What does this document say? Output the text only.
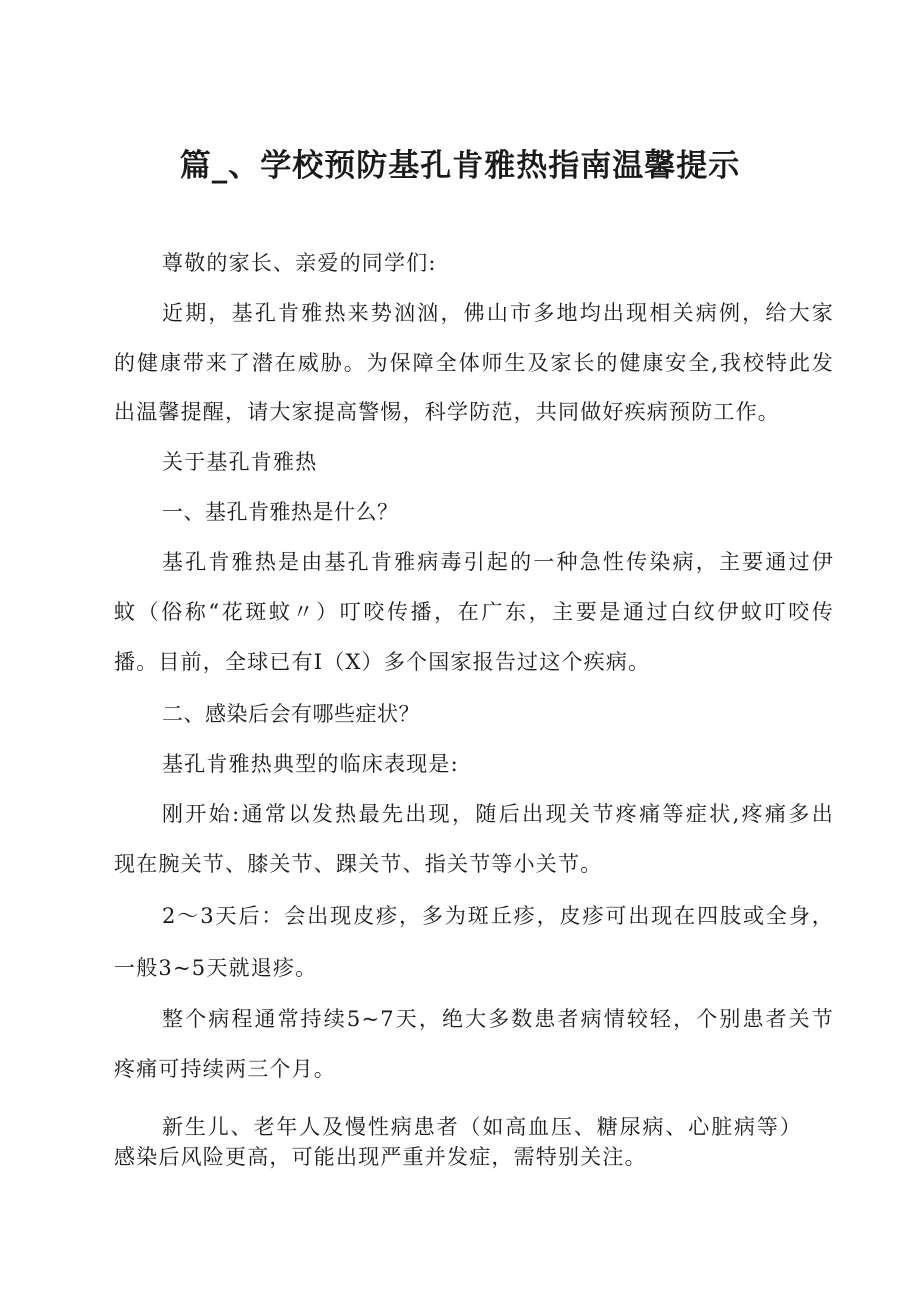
篇_、学校预防基孔肯雅热指南温馨提示

尊敬的家长、亲爱的同学们:

近期，基孔肯雅热来势汹汹，佛山市多地均出现相关病例，给大家

的健康带来了潜在威胁。为保障全体师生及家长的健康安全,我校特此发

出温馨提醒，请大家提高警惕，科学防范，共同做好疾病预防工作。

关于基孔肯雅热

一、基孔肯雅热是什么？

基孔肯雅热是由基孔肯雅病毒引起的一种急性传染病，主要通过伊

蚊（俗称“花斑蚊〃）叮咬传播，在广东，主要是通过白纹伊蚊叮咬传

播。目前，全球已有I（X）多个国家报告过这个疾病。

二、感染后会有哪些症状？

基孔肯雅热典型的临床表现是:

刚开始:通常以发热最先出现，随后出现关节疼痛等症状,疼痛多出

现在腕关节、膝关节、踝关节、指关节等小关节。

2～3天后：会出现皮疹，多为斑丘疹，皮疹可出现在四肢或全身，

一般3~5天就退疹。

整个病程通常持续5~7天，绝大多数患者病情较轻，个别患者关节

疼痛可持续两三个月。

新生儿、老年人及慢性病患者（如高血压、糖尿病、心脏病等）

感染后风险更高，可能出现严重并发症，需特别关注。
